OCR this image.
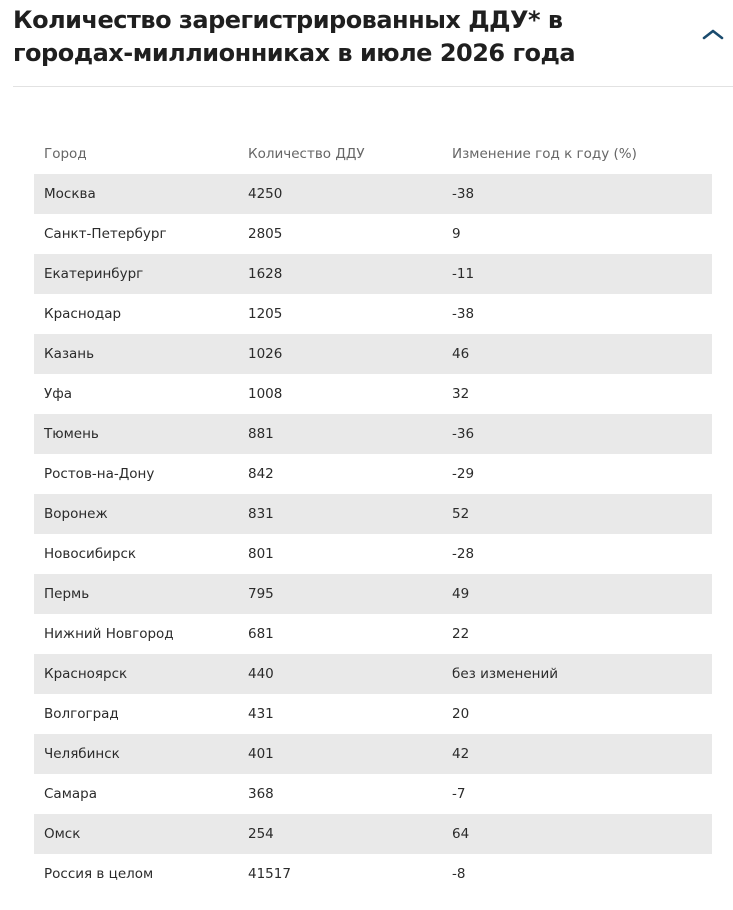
Количество зарегистрированных ДДУ* в городах-миллионниках в июле 2026 года
Город	Количество ДДУ	Изменение год к году (%)
Москва	4250	-38
Санкт-Петербург	2805	9
Екатеринбург	1628	-11
Краснодар	1205	-38
Казань	1026	46
Уфа	1008	32
Тюмень	881	-36
Ростов-на-Дону	842	-29
Воронеж	831	52
Новосибирск	801	-28
Пермь	795	49
Нижний Новгород	681	22
Красноярск	440	без изменений
Волгоград	431	20
Челябинск	401	42
Самара	368	-7
Омск	254	64
Россия в целом	41517	-8
